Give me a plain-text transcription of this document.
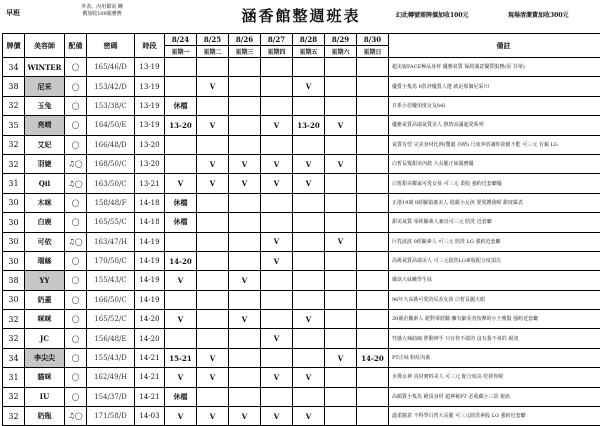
早班
外表、內用都需 轉
價加收100服務費	涵香館整週班表	幻此轉號需牌價加收100元	現場清潔費加收300元
牌價	美容師	配備	密碼	時段	8/24	8/25	8/26	8/27	8/28	8/29	8/30	備註
					星期一	星期二	星期三	星期四	星期五	星期六	星期日	
34	WINTER	◯	165/46/D	13-19								超美貌FACE極品身材 優雅氣質 保證滿意優質服務(原 芬蒂)
38	尼采	◯	153/42/D	13-19		V			V			優質小隻馬 0負評優質人選 就是那個尼采!!!
32	玉兔	◯	153/38/C	13-19	休檔							日系小惡魔佰度女友fell
35	亮晴	◯	164/50/E	13-19	13-20	V		V	13-20	V		優雅氣質高端氣質美人 熱情高滿超愛系列
32	艾妃	◯	166/48/D	13-20								氣質有型 完美身材比例(雙處 亮晴) 尺度奔放讓你欲罷不能 可三元 有親 LG
32	羽婕	♫◯	168/50/C	13-20		V	V	V	V	V		白皙長髮甜美內斂 大長腿正妹服務優
31	Qil	♫◯	163/50/C	13-21	V	V	V	V	V			白皙甜美鄰家可愛女孩 可三元 柔股 強約近套廳優
30	木咪	◯	158/48/F	14-18	休檔							正港19歲 0經驗偵畫美人 偵麗小女孩 要愛護我喔 甜度爆表
30	白鹿	◯	165/55/C	14-18	休檔							甜美氣質 零經驗素人兼直可三元 陪洗 近套廳
30	可依	♫◯	163/47/H	14-19				V		V		巨乳波波 0經驗素人 可三元 陪洗 LG 強約近套廳
30	瑞絲	◯	170/50/C	14-19	14-20			V				高挑氣質高端美人 可三元陪洗LG素股配合度頂尖
38	YY	◯	155/43/C	14-19	V		V					爆款大妹嫩學生妹
30	奶蓋	◯	166/50/C	14-19								96年大高挑可愛的反差女孩 白皙長腿大眼
32	咪咪	◯	165/52/C	14-20	V		V		V			20歲企鵝素人 絕對零經驗 擁有細美者按摩的小王雅賢 強約近套廳
32	JC	◯	156/48/E	14-20				V				性感大辣曲線 胖動神手 只有你不敢的 沒有我不會的 視訊
34	李尖尖	◯	155/43/D	14-21	15-21	V				V	14-20	PT正妹 粉紅內裏
31	貓咪	◯	162/49/H	14-21	V	V		V	V			水彈女神 真材實料美人 可三元 配合度高 吃掉你喔
32	IU	◯	154/37/D	14-21	休檔							高顏質小隻馬 絕頂身材 超神秘PT 必收藏小三款 視訊
32	奶瓶	♫◯	171/58/D	14-03	V	V	V	V	V			溫柔隨意 不科學白皙大長腿 可三元陪洗素股 LG 強約近套廳
